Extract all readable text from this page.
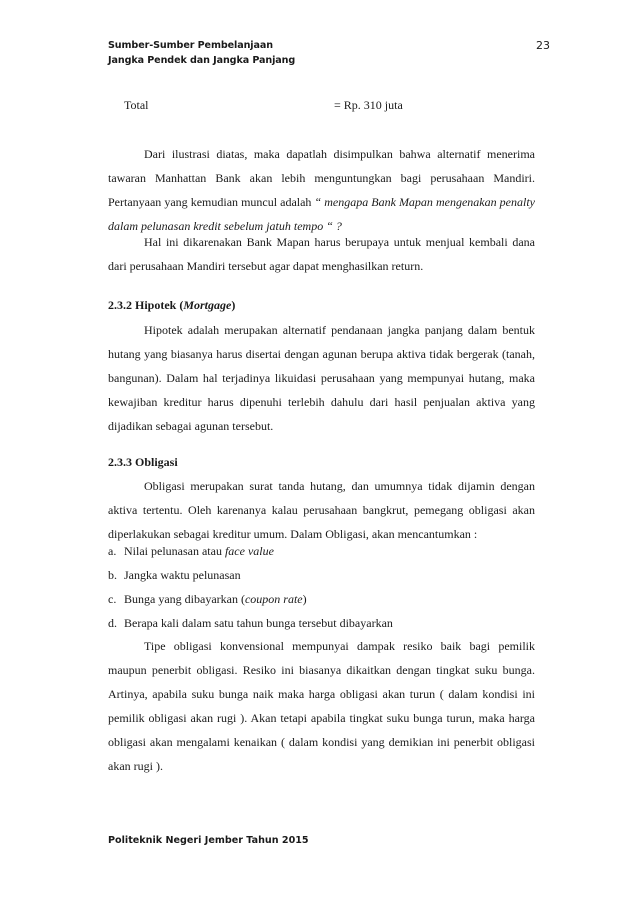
Sumber-Sumber Pembelanjaan
Jangka Pendek dan Jangka Panjang
23
Total	= Rp. 310 juta
Dari ilustrasi diatas, maka dapatlah disimpulkan bahwa alternatif menerima tawaran Manhattan Bank akan lebih menguntungkan bagi perusahaan Mandiri. Pertanyaan yang kemudian muncul adalah “ mengapa Bank Mapan mengenakan penalty dalam pelunasan kredit sebelum jatuh tempo “ ?
Hal ini dikarenakan Bank Mapan harus berupaya untuk menjual kembali dana dari perusahaan Mandiri tersebut agar dapat menghasilkan return.
2.3.2 Hipotek (Mortgage)
Hipotek adalah merupakan alternatif pendanaan jangka panjang dalam bentuk hutang yang biasanya harus disertai dengan agunan berupa aktiva tidak bergerak (tanah, bangunan). Dalam hal terjadinya likuidasi perusahaan yang mempunyai hutang, maka kewajiban kreditur harus dipenuhi terlebih dahulu dari hasil penjualan aktiva yang dijadikan sebagai agunan tersebut.
2.3.3 Obligasi
Obligasi merupakan surat tanda hutang, dan umumnya tidak dijamin dengan aktiva tertentu. Oleh karenanya kalau perusahaan bangkrut, pemegang obligasi akan diperlakukan sebagai kreditur umum. Dalam Obligasi, akan mencantumkan :
a. Nilai pelunasan atau face value
b. Jangka waktu pelunasan
c. Bunga yang dibayarkan (coupon rate)
d. Berapa kali dalam satu tahun bunga tersebut dibayarkan
Tipe obligasi konvensional mempunyai dampak resiko baik bagi pemilik maupun penerbit obligasi. Resiko ini biasanya dikaitkan dengan tingkat suku bunga. Artinya, apabila suku bunga naik maka harga obligasi akan turun ( dalam kondisi ini pemilik obligasi akan rugi ). Akan tetapi apabila tingkat suku bunga turun, maka harga obligasi akan mengalami kenaikan ( dalam kondisi yang demikian ini penerbit obligasi akan rugi ).
Politeknik Negeri Jember Tahun 2015
